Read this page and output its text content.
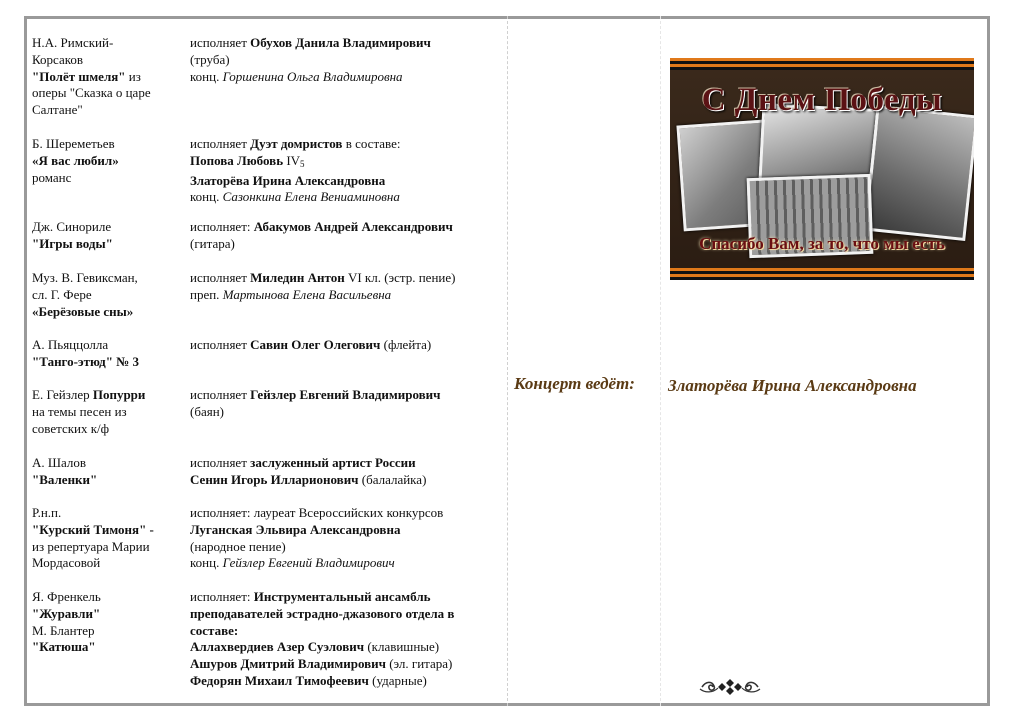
Н.А. Римский-
Корсаков
"Полёт шмеля" из
оперы "Сказка о царе
Салтане"
исполняет Обухов Данила Владимирович
(труба)
конц. Горшенина Ольга Владимировна
Б. Шереметьев
«Я вас любил»
романс
исполняет Дуэт домристов в составе:
Попова Любовь $IV_5$
Златорёва Ирина Александровна
конц. Сазонкина Елена Вениаминовна
Дж. Синориле
"Игры воды"
исполняет: Абакумов Андрей Александрович
(гитара)
Муз. В. Гевиксман,
сл. Г. Фере
«Берёзовые сны»
исполняет Миледин Антон VI кл. (эстр. пение)
преп. Мартынова Елена Васильевна
А. Пьяццолла
"Танго-этюд" № 3
исполняет Савин Олег Олегович (флейта)
Е. Гейзлер Попурри
на темы песен из
советских к/ф
исполняет Гейзлер Евгений Владимирович
(баян)
А. Шалов
"Валенки"
исполняет заслуженный артист России
Сенин Игорь Илларионович (балалайка)
Р.н.п.
"Курский Тимоня" -
из репертуара Марии
Мордасовой
исполняет: лауреат Всероссийских конкурсов
Луганская Эльвира Александровна
(народное пение)
конц. Гейзлер Евгений Владимирович
Я. Френкель
"Журавли"
М. Блантер
"Катюша"
исполняет: Инструментальный ансамбль
преподавателей эстрадно-джазового отдела в
составе:
Аллахвердиев Азер Суэлович (клавишные)
Ашуров Дмитрий Владимирович (эл. гитара)
Федорян Михаил Тимофеевич (ударные)
С Днем Победы
Спасибо Вам, за то, что мы есть
Концерт ведёт: Златорёва Ирина Александровна
